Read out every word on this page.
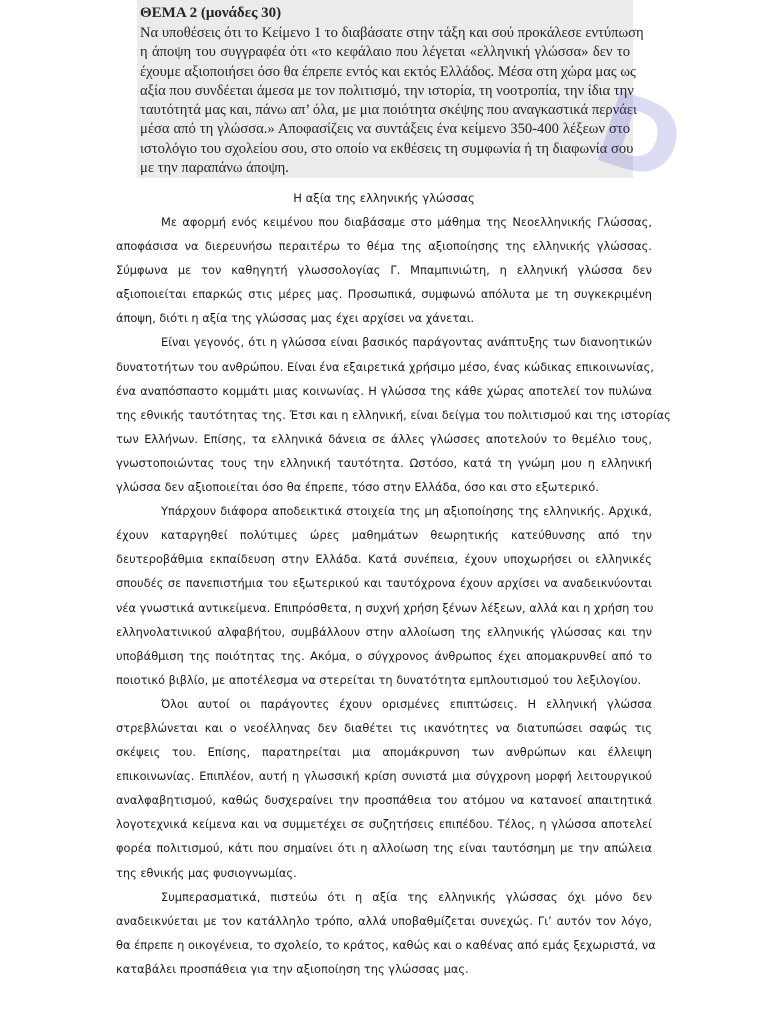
ΘΕΜΑ 2 (μονάδες 30)
Να υποθέσεις ότι το Κείμενο 1 το διαβάσατε στην τάξη και σού προκάλεσε εντύπωση
η άποψη του συγγραφέα ότι «το κεφάλαιο που λέγεται «ελληνική γλώσσα» δεν το
έχουμε αξιοποιήσει όσο θα έπρεπε εντός και εκτός Ελλάδος. Μέσα στη χώρα μας ως
αξία που συνδέεται άμεσα με τον πολιτισμό, την ιστορία, τη νοοτροπία, την ίδια την
ταυτότητά μας και, πάνω απ’ όλα, με μια ποιότητα σκέψης που αναγκαστικά περνάει
μέσα από τη γλώσσα.» Αποφασίζεις να συντάξεις ένα κείμενο 350-400 λέξεων στο
ιστολόγιο του σχολείου σου, στο οποίο να εκθέσεις τη συμφωνία ή τη διαφωνία σου
με την παραπάνω άποψη.	D
Η αξία της ελληνικής γλώσσας
Με αφορμή ενός κειμένου που διαβάσαμε στο μάθημα της Νεοελληνικής Γλώσσας,
αποφάσισα να διερευνήσω περαιτέρω το θέμα της αξιοποίησης της ελληνικής γλώσσας.
Σύμφωνα με τον καθηγητή γλωσσολογίας Γ. Μπαμπινιώτη, η ελληνική γλώσσα δεν
αξιοποιείται επαρκώς στις μέρες μας. Προσωπικά, συμφωνώ απόλυτα με τη συγκεκριμένη
άποψη, διότι η αξία της γλώσσας μας έχει αρχίσει να χάνεται.
Είναι γεγονός, ότι η γλώσσα είναι βασικός παράγοντας ανάπτυξης των διανοητικών
δυνατοτήτων του ανθρώπου. Είναι ένα εξαιρετικά χρήσιμο μέσο, ένας κώδικας επικοινωνίας,
ένα αναπόσπαστο κομμάτι μιας κοινωνίας. Η γλώσσα της κάθε χώρας αποτελεί τον πυλώνα
της εθνικής ταυτότητας της. Έτσι και η ελληνική, είναι δείγμα του πολιτισμού και της ιστορίας
των Ελλήνων. Επίσης, τα ελληνικά δάνεια σε άλλες γλώσσες αποτελούν το θεμέλιο τους,
γνωστοποιώντας τους την ελληνική ταυτότητα. Ωστόσο, κατά τη γνώμη μου η ελληνική
γλώσσα δεν αξιοποιείται όσο θα έπρεπε, τόσο στην Ελλάδα, όσο και στο εξωτερικό.
Υπάρχουν διάφορα αποδεικτικά στοιχεία της μη αξιοποίησης της ελληνικής. Αρχικά,
έχουν καταργηθεί πολύτιμες ώρες μαθημάτων θεωρητικής κατεύθυνσης από την
δευτεροβάθμια εκπαίδευση στην Ελλάδα. Κατά συνέπεια, έχουν υποχωρήσει οι ελληνικές
σπουδές σε πανεπιστήμια του εξωτερικού και ταυτόχρονα έχουν αρχίσει να αναδεικνύονται
νέα γνωστικά αντικείμενα. Επιπρόσθετα, η συχνή χρήση ξένων λέξεων, αλλά και η χρήση του
ελληνολατινικού αλφαβήτου, συμβάλλουν στην αλλοίωση της ελληνικής γλώσσας και την
υποβάθμιση της ποιότητας της. Ακόμα, ο σύγχρονος άνθρωπος έχει απομακρυνθεί από το
ποιοτικό βιβλίο, με αποτέλεσμα να στερείται τη δυνατότητα εμπλουτισμού του λεξιλογίου.
Όλοι αυτοί οι παράγοντες έχουν ορισμένες επιπτώσεις. Η ελληνική γλώσσα
στρεβλώνεται και ο νεοέλληνας δεν διαθέτει τις ικανότητες να διατυπώσει σαφώς τις
σκέψεις του. Επίσης, παρατηρείται μια απομάκρυνση των ανθρώπων και έλλειψη
επικοινωνίας. Επιπλέον, αυτή η γλωσσική κρίση συνιστά μια σύγχρονη μορφή λειτουργικού
αναλφαβητισμού, καθώς δυσχεραίνει την προσπάθεια του ατόμου να κατανοεί απαιτητικά
λογοτεχνικά κείμενα και να συμμετέχει σε συζητήσεις επιπέδου. Τέλος, η γλώσσα αποτελεί
φορέα πολιτισμού, κάτι που σημαίνει ότι η αλλοίωση της είναι ταυτόσημη με την απώλεια
της εθνικής μας φυσιογνωμίας.
Συμπερασματικά, πιστεύω ότι η αξία της ελληνικής γλώσσας όχι μόνο δεν
αναδεικνύεται με τον κατάλληλο τρόπο, αλλά υποβαθμίζεται συνεχώς. Γι’ αυτόν τον λόγο,
θα έπρεπε η οικογένεια, το σχολείο, το κράτος, καθώς και ο καθένας από εμάς ξεχωριστά, να
καταβάλει προσπάθεια για την αξιοποίηση της γλώσσας μας.
